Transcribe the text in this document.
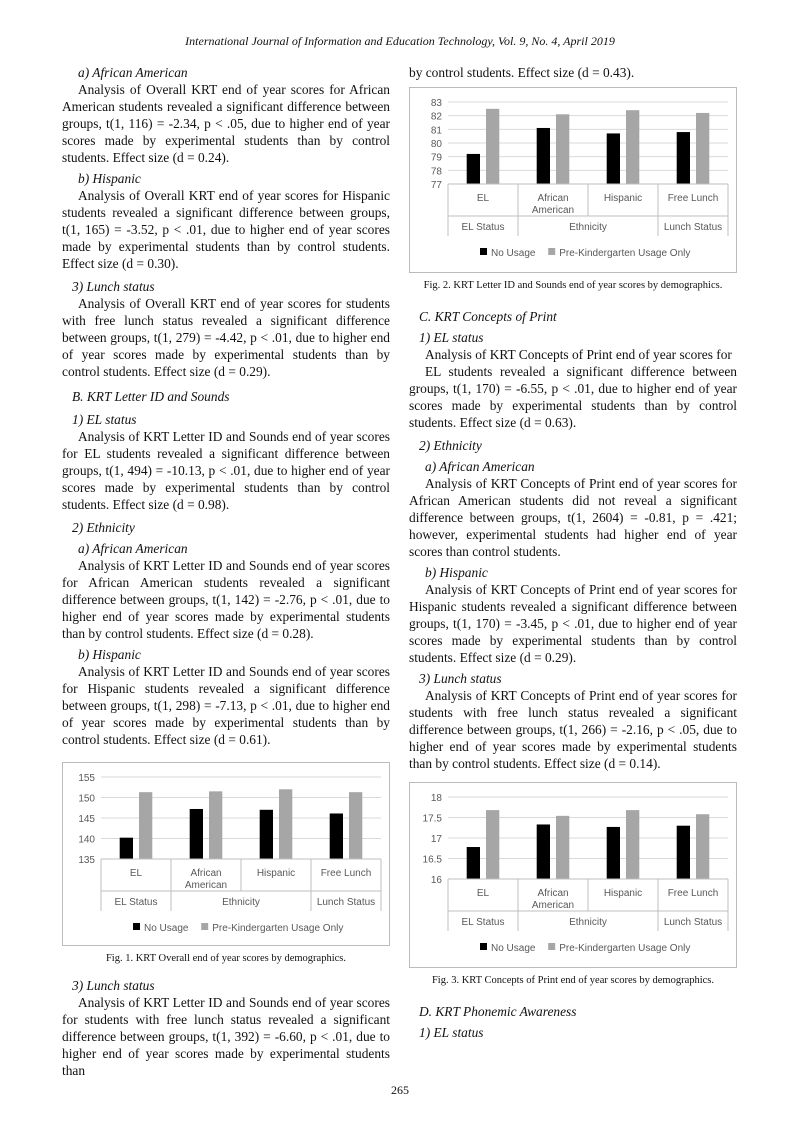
International Journal of Information and Education Technology, Vol. 9, No. 4, April 2019

a) African American

Analysis of Overall KRT end of year scores for African American students revealed a significant difference between groups, t(1, 116) = -2.34, p < .05, due to higher end of year scores made by experimental students than by control students. Effect size (d = 0.24).

b) Hispanic

Analysis of Overall KRT end of year scores for Hispanic students revealed a significant difference between groups, t(1, 165) = -3.52, p < .01, due to higher end of year scores made by experimental students than by control students. Effect size (d = 0.30).

3) Lunch status

Analysis of Overall KRT end of year scores for students with free lunch status revealed a significant difference between groups, t(1, 279) = -4.42, p < .01, due to higher end of year scores made by experimental students than by control students. Effect size (d = 0.29).

B. KRT Letter ID and Sounds

1) EL status

Analysis of KRT Letter ID and Sounds end of year scores for EL students revealed a significant difference between groups, t(1, 494) = -10.13, p < .01, due to higher end of year scores made by experimental students than by control students. Effect size (d = 0.98).

2) Ethnicity

a) African American

Analysis of KRT Letter ID and Sounds end of year scores for African American students revealed a significant difference between groups, t(1, 142) = -2.76, p < .01, due to higher end of year scores made by experimental students than by control students. Effect size (d = 0.28).

b) Hispanic

Analysis of KRT Letter ID and Sounds end of year scores for Hispanic students revealed a significant difference between groups, t(1, 298) = -7.13, p < .01, due to higher end of year scores made by experimental students than by control students. Effect size (d = 0.61).

135
140
145
150
155
EL	African American
Hispanic	Free Lunch
EL Status	Ethnicity	Lunch Status
No Usage Pre-Kindergarten Usage Only
Fig. 1. KRT Overall end of year scores by demographics.

3) Lunch status

Analysis of KRT Letter ID and Sounds end of year scores for students with free lunch status revealed a significant difference between groups, t(1, 392) = -6.60, p < .01, due to higher end of year scores made by experimental students than

by control students. Effect size (d = 0.43).

77
78
79
80
81
82
83
EL	African American
Hispanic	Free Lunch
EL Status	Ethnicity	Lunch Status
No Usage Pre-Kindergarten Usage Only
Fig. 2. KRT Letter ID and Sounds end of year scores by demographics.

C. KRT Concepts of Print

1) EL status

Analysis of KRT Concepts of Print end of year scores for

EL students revealed a significant difference between groups, t(1, 170) = -6.55, p < .01, due to higher end of year scores made by experimental students than by control students. Effect size (d = 0.63).

2) Ethnicity

a) African American

Analysis of KRT Concepts of Print end of year scores for African American students did not reveal a significant difference between groups, t(1, 2604) = -0.81, p = .421; however, experimental students had higher end of year scores than control students.

b) Hispanic

Analysis of KRT Concepts of Print end of year scores for Hispanic students revealed a significant difference between groups, t(1, 170) = -3.45, p < .01, due to higher end of year scores made by experimental students than by control students. Effect size (d = 0.29).

3) Lunch status

Analysis of KRT Concepts of Print end of year scores for students with free lunch status revealed a significant difference between groups, t(1, 266) = -2.16, p < .05, due to higher end of year scores made by experimental students than by control students. Effect size (d = 0.14).

16
16.5
17
17.5
18
EL	African American
Hispanic	Free Lunch
EL Status	Ethnicity	Lunch Status
No Usage Pre-Kindergarten Usage Only
Fig. 3. KRT Concepts of Print end of year scores by demographics.

D. KRT Phonemic Awareness

1) EL status

265
